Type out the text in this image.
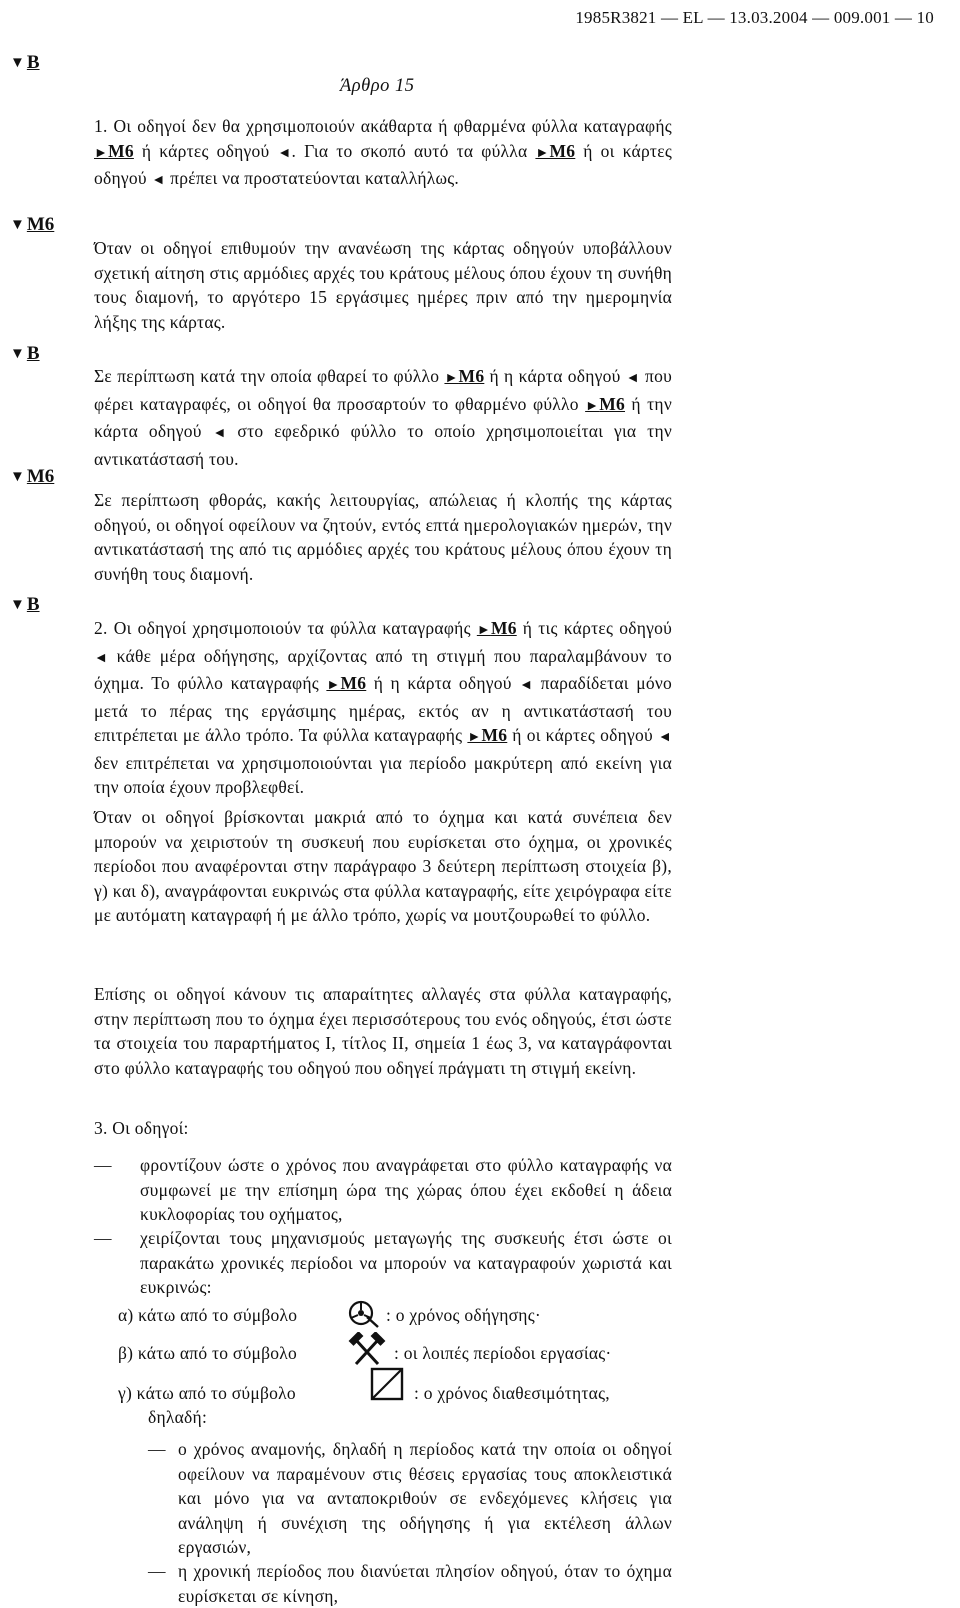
1985R3821 — EL — 13.03.2004 — 009.001 — 10
▼ B
▼ M6
▼ B
▼ M6
▼ B
Άρθρο 15

1. Οι οδηγοί δεν θα χρησιμοποιούν ακάθαρτα ή φθαρμένα φύλλα καταγραφής ►M6 ή κάρτες οδηγού ◄. Για το σκοπό αυτό τα φύλλα ►M6 ή οι κάρτες οδηγού ◄ πρέπει να προστατεύονται καταλλήλως.

Όταν οι οδηγοί επιθυμούν την ανανέωση της κάρτας οδηγούν υποβάλλουν σχετική αίτηση στις αρμόδιες αρχές του κράτους μέλους όπου έχουν τη συνήθη τους διαμονή, το αργότερο 15 εργάσιμες ημέρες πριν από την ημερομηνία λήξης της κάρτας.

Σε περίπτωση κατά την οποία φθαρεί το φύλλο ►M6 ή η κάρτα οδηγού ◄ που φέρει καταγραφές, οι οδηγοί θα προσαρτούν το φθαρμένο φύλλο ►M6 ή την κάρτα οδηγού ◄ στο εφεδρικό φύλλο το οποίο χρησιμοποιείται για την αντικατάστασή του.

Σε περίπτωση φθοράς, κακής λειτουργίας, απώλειας ή κλοπής της κάρτας οδηγού, οι οδηγοί οφείλουν να ζητούν, εντός επτά ημερολογιακών ημερών, την αντικατάστασή της από τις αρμόδιες αρχές του κράτους μέλους όπου έχουν τη συνήθη τους διαμονή.

2. Οι οδηγοί χρησιμοποιούν τα φύλλα καταγραφής ►M6 ή τις κάρτες οδηγού ◄ κάθε μέρα οδήγησης, αρχίζοντας από τη στιγμή που παραλαμβάνουν το όχημα. Το φύλλο καταγραφής ►M6 ή η κάρτα οδηγού ◄ παραδίδεται μόνο μετά το πέρας της εργάσιμης ημέρας, εκτός αν η αντικατάστασή του επιτρέπεται με άλλο τρόπο. Τα φύλλα καταγραφής ►M6 ή οι κάρτες οδηγού ◄ δεν επιτρέπεται να χρησιμοποιούνται για περίοδο μακρύτερη από εκείνη για την οποία έχουν προβλεφθεί.

Όταν οι οδηγοί βρίσκονται μακριά από το όχημα και κατά συνέπεια δεν μπορούν να χειριστούν τη συσκευή που ευρίσκεται στο όχημα, οι χρονικές περίοδοι που αναφέρονται στην παράγραφο 3 δεύτερη περίπτωση στοιχεία β), γ) και δ), αναγράφονται ευκρινώς στα φύλλα καταγραφής, είτε χειρόγραφα είτε με αυτόματη καταγραφή ή με άλλο τρόπο, χωρίς να μουτζουρωθεί το φύλλο.

Επίσης οι οδηγοί κάνουν τις απαραίτητες αλλαγές στα φύλλα καταγραφής, στην περίπτωση που το όχημα έχει περισσότερους του ενός οδηγούς, έτσι ώστε τα στοιχεία του παραρτήματος I, τίτλος II, σημεία 1 έως 3, να καταγράφονται στο φύλλο καταγραφής του οδηγού που οδηγεί πράγματι τη στιγμή εκείνη.

3. Οι οδηγοί:

—	φροντίζουν ώστε ο χρόνος που αναγράφεται στο φύλλο καταγραφής να συμφωνεί με την επίσημη ώρα της χώρας όπου έχει εκδοθεί η άδεια κυκλοφορίας του οχήματος,
—	χειρίζονται τους μηχανισμούς μεταγωγής της συσκευής έτσι ώστε οι παρακάτω χρονικές περίοδοι να μπορούν να καταγραφούν χωριστά και ευκρινώς:
α) κάτω από το σύμβολο	: ο χρόνος οδήγησης·
β) κάτω από το σύμβολο	: οι λοιπές περίοδοι εργασίας·
γ) κάτω από το σύμβολο	: ο χρόνος διαθεσιμότητας,
δηλαδή:
— ο χρόνος αναμονής, δηλαδή η περίοδος κατά την οποία οι οδηγοί οφείλουν να παραμένουν στις θέσεις εργασίας τους αποκλειστικά και μόνο για να ανταποκριθούν σε ενδεχόμενες κλήσεις για ανάληψη ή συνέχιση της οδήγησης ή για εκτέλεση άλλων εργασιών,
— η χρονική περίοδος που διανύεται πλησίον οδηγού, όταν το όχημα ευρίσκεται σε κίνηση,
